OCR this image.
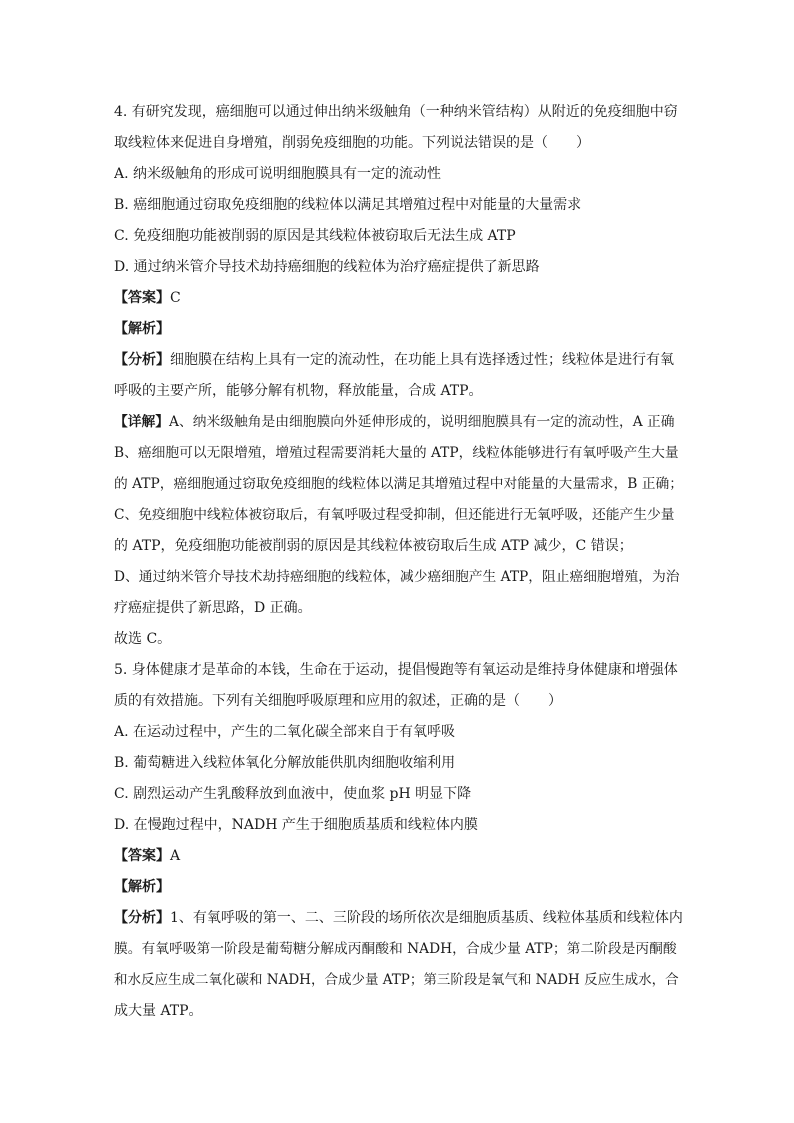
4. 有研究发现，癌细胞可以通过伸出纳米级触角（一种纳米管结构）从附近的免疫细胞中窃
取线粒体来促进自身增殖，削弱免疫细胞的功能。下列说法错误的是（　　）
A. 纳米级触角的形成可说明细胞膜具有一定的流动性
B. 癌细胞通过窃取免疫细胞的线粒体以满足其增殖过程中对能量的大量需求
C. 免疫细胞功能被削弱的原因是其线粒体被窃取后无法生成 ATP
D. 通过纳米管介导技术劫持癌细胞的线粒体为治疗癌症提供了新思路
【答案】C
【解析】
【分析】细胞膜在结构上具有一定的流动性，在功能上具有选择透过性；线粒体是进行有氧
呼吸的主要产所，能够分解有机物，释放能量，合成 ATP。
【详解】A、纳米级触角是由细胞膜向外延伸形成的，说明细胞膜具有一定的流动性，A 正确
B、癌细胞可以无限增殖，增殖过程需要消耗大量的 ATP，线粒体能够进行有氧呼吸产生大量
的 ATP，癌细胞通过窃取免疫细胞的线粒体以满足其增殖过程中对能量的大量需求，B 正确；
C、免疫细胞中线粒体被窃取后，有氧呼吸过程受抑制，但还能进行无氧呼吸，还能产生少量
的 ATP，免疫细胞功能被削弱的原因是其线粒体被窃取后生成 ATP 减少，C 错误；
D、通过纳米管介导技术劫持癌细胞的线粒体，减少癌细胞产生 ATP，阻止癌细胞增殖，为治
疗癌症提供了新思路，D 正确。
故选 C。
5. 身体健康才是革命的本钱，生命在于运动，提倡慢跑等有氧运动是维持身体健康和增强体
质的有效措施。下列有关细胞呼吸原理和应用的叙述，正确的是（　　）
A. 在运动过程中，产生的二氧化碳全部来自于有氧呼吸
B. 葡萄糖进入线粒体氧化分解放能供肌肉细胞收缩利用
C. 剧烈运动产生乳酸释放到血液中，使血浆 pH 明显下降
D. 在慢跑过程中，NADH 产生于细胞质基质和线粒体内膜
【答案】A
【解析】
【分析】1、有氧呼吸的第一、二、三阶段的场所依次是细胞质基质、线粒体基质和线粒体内
膜。有氧呼吸第一阶段是葡萄糖分解成丙酮酸和 NADH，合成少量 ATP；第二阶段是丙酮酸
和水反应生成二氧化碳和 NADH，合成少量 ATP；第三阶段是氧气和 NADH 反应生成水，合
成大量 ATP。
